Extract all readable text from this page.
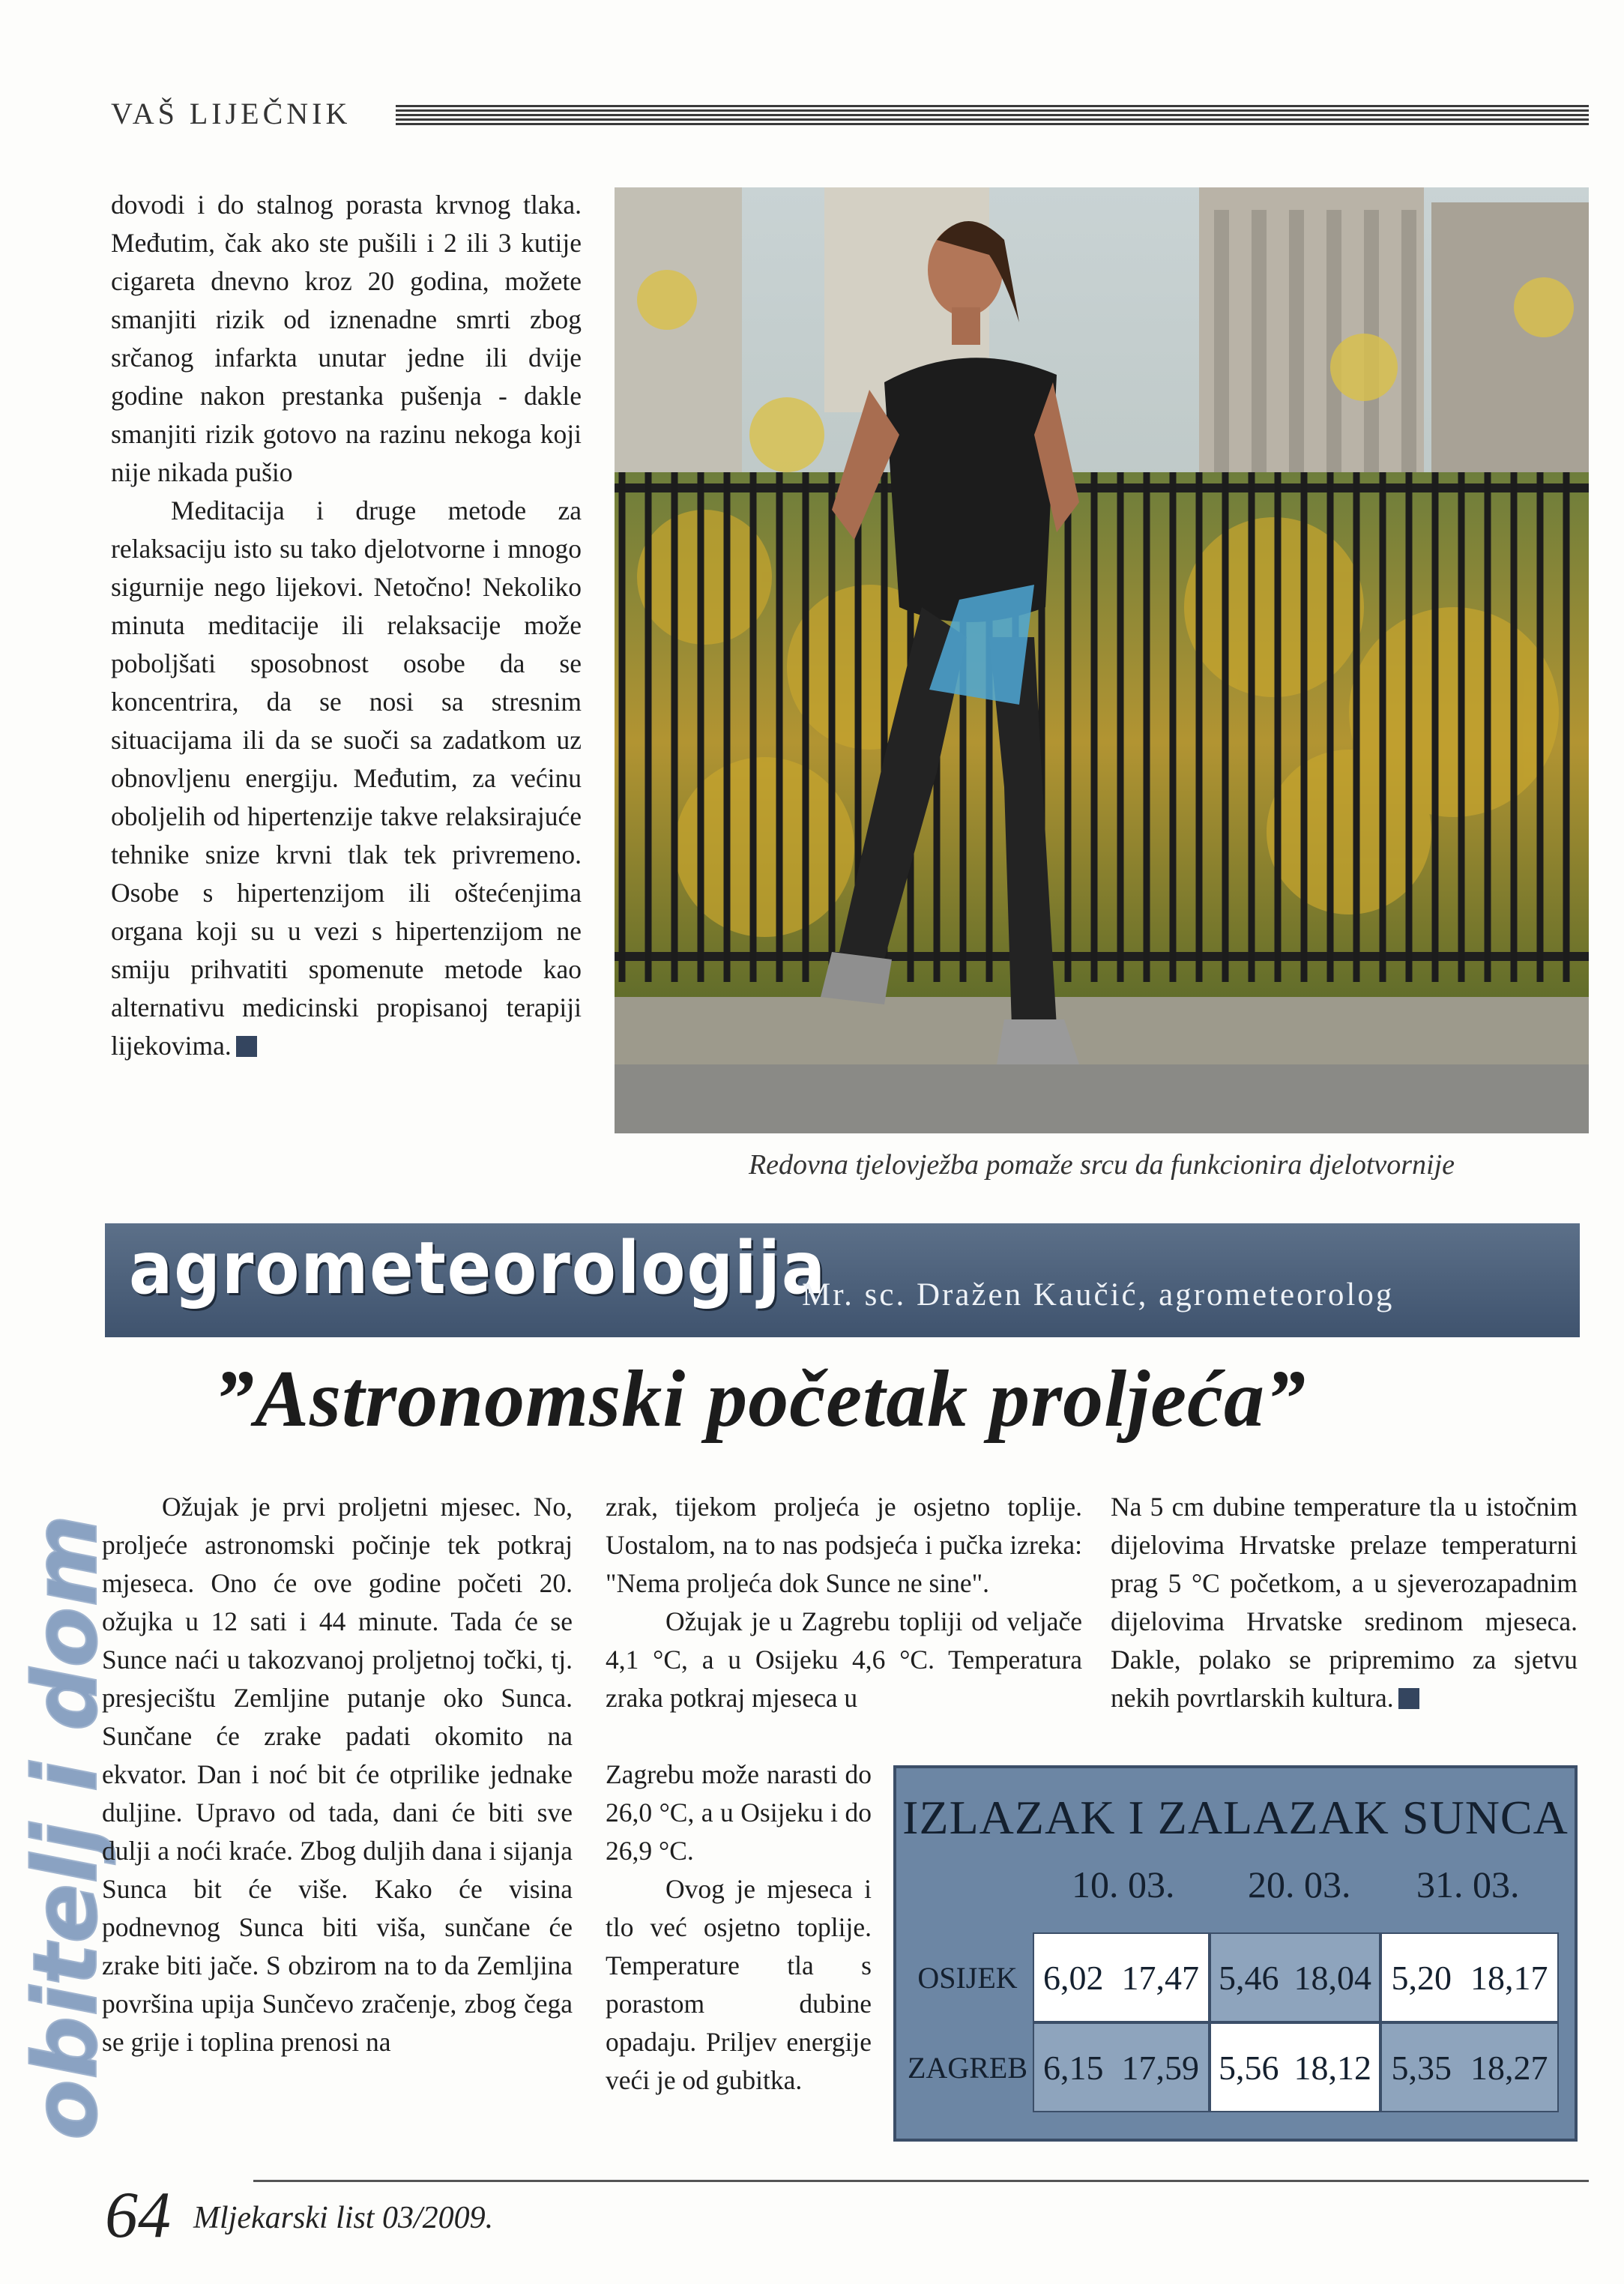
VAŠ LIJEČNIK

dovodi i do stalnog porasta krvnog tlaka. Međutim, čak ako ste pušili i 2 ili 3 kutije cigareta dnevno kroz 20 godina, možete smanjiti rizik od iznenadne smrti zbog srčanog infarkta unutar jedne ili dvije godine nakon prestanka pušenja - dakle smanjiti rizik gotovo na razinu nekoga koji nije nikada pušio

Meditacija i druge metode za relaksaciju isto su tako djelotvorne i mnogo sigurnije nego lijekovi. Netočno! Nekoliko minuta meditacije ili relaksacije može poboljšati sposobnost osobe da se koncentrira, da se nosi sa stresnim situacijama ili da se suoči sa zadatkom uz obnovljenu energiju. Međutim, za većinu oboljelih od hipertenzije takve relaksirajuće tehnike snize krvni tlak tek privremeno. Osobe s hipertenzijom ili oštećenjima organa koji su u vezi s hipertenzijom ne smiju prihvatiti spomenute metode kao alternativu medicinski propisanoj terapiji lijekovima.

Redovna tjelovježba pomaže srcu da funkcionira djelotvornije
obitelj i dom
agrometeorologija
Mr. sc. Dražen Kaučić, agrometeorolog
”Astronomski početak proljeća”

Ožujak je prvi proljetni mjesec. No, proljeće astronomski počinje tek potkraj mjeseca. Ono će ove godine početi 20. ožujka u 12 sati i 44 minute. Tada će se Sunce naći u takozvanoj proljetnoj točki, tj. presjecištu Zemljine putanje oko Sunca. Sunčane će zrake padati okomito na ekvator. Dan i noć bit će otprilike jednake duljine. Upravo od tada, dani će biti sve dulji a noći kraće. Zbog duljih dana i sijanja Sunca bit će više. Kako će visina podnevnog Sunca biti viša, sunčane će zrake biti jače. S obzirom na to da Zemljina površina upija Sunčevo zračenje, zbog čega se grije i toplina prenosi na

zrak, tijekom proljeća je osjetno toplije. Uostalom, na to nas podsjeća i pučka izreka: "Nema proljeća dok Sunce ne sine".

Ožujak je u Zagrebu topliji od veljače 4,1 °C, a u Osijeku 4,6 °C. Temperatura zraka potkraj mjeseca u

Zagrebu može narasti do 26,0 °C, a u Osijeku i do 26,9 °C.

Ovog je mjeseca i tlo već osjetno toplije. Temperature tla s porastom dubine opadaju. Priljev energije veći je od gubitka.

Na 5 cm dubine temperature tla u istočnim dijelovima Hrvatske prelaze temperaturni prag 5 °C početkom, a u sjeverozapadnim dijelovima Hrvatske sredinom mjeseca. Dakle, polako se pripremimo za sjetvu nekih povrtlarskih kultura.

IZLAZAK I ZALAZAK SUNCA
10. 03. 20. 03. 31. 03.
OSIJEK
ZAGREB
6,02 17,47 5,46 18,04 5,20 18,17
6,15 17,59 5,56 18,12 5,35 18,27
64 Mljekarski list 03/2009.
